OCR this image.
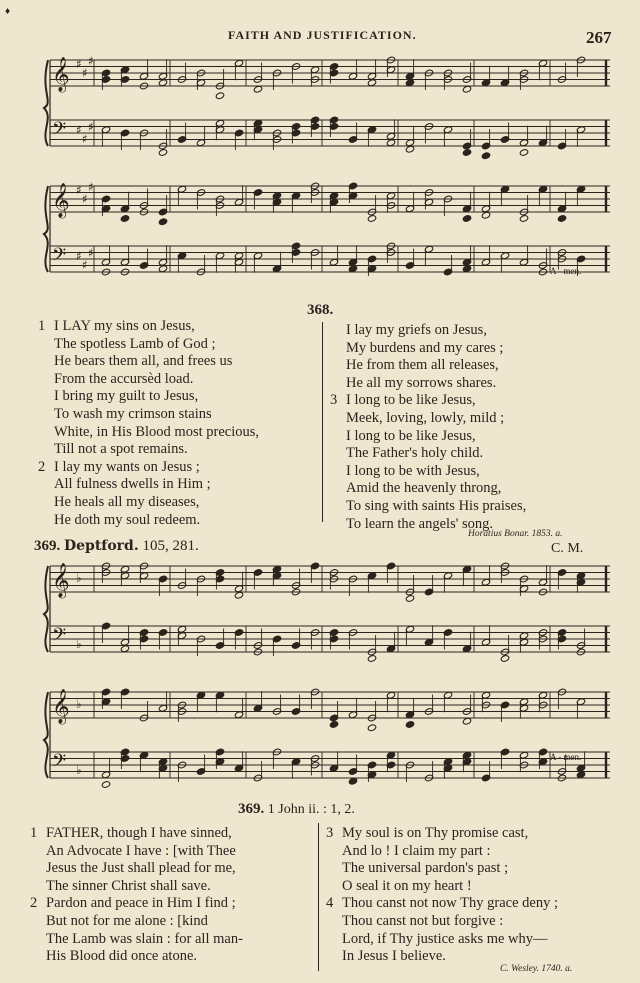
♦
FAITH AND JUSTIFICATION.	267
𝄞 ♯
♯
♯
𝄢 ♯
♯
♯
𝄞 ♯
♯
♯
𝄢 ♯
♯
♯
A - men.
368.
1 I LAY my sins on Jesus,
The spotless Lamb of God ;
He bears them all, and frees us
From the accursèd load.
I bring my guilt to Jesus,
To wash my crimson stains
White, in His Blood most precious,
Till not a spot remains.
2 I lay my wants on Jesus ;
All fulness dwells in Him ;
He heals all my diseases,
He doth my soul redeem.
I lay my griefs on Jesus,
My burdens and my cares ;
He from them all releases,
He all my sorrows shares.
3 I long to be like Jesus,
Meek, loving, lowly, mild ;
I long to be like Jesus,
The Father's holy child.
I long to be with Jesus,
Amid the heavenly throng,
To sing with saints His praises,
To learn the angels' song.
Horatius Bonar. 1853. a.
369. Deptford. 105, 281.	C. M.
𝄞 ♭
𝄢 ♭
𝄞 ♭
𝄢 ♭
A - men.
369. 1 John ii. : 1, 2.
1 FATHER, though I have sinned,
An Advocate I have : [with Thee
Jesus the Just shall plead for me,
The sinner Christ shall save.
2 Pardon and peace in Him I find ;
But not for me alone : [kind
The Lamb was slain : for all man-
His Blood did once atone.
3 My soul is on Thy promise cast,
And lo ! I claim my part :
The universal pardon's past ;
O seal it on my heart !
4 Thou canst not now Thy grace deny ;
Thou canst not but forgive :
Lord, if Thy justice asks me why—
In Jesus I believe.
C. Wesley. 1740. a.
